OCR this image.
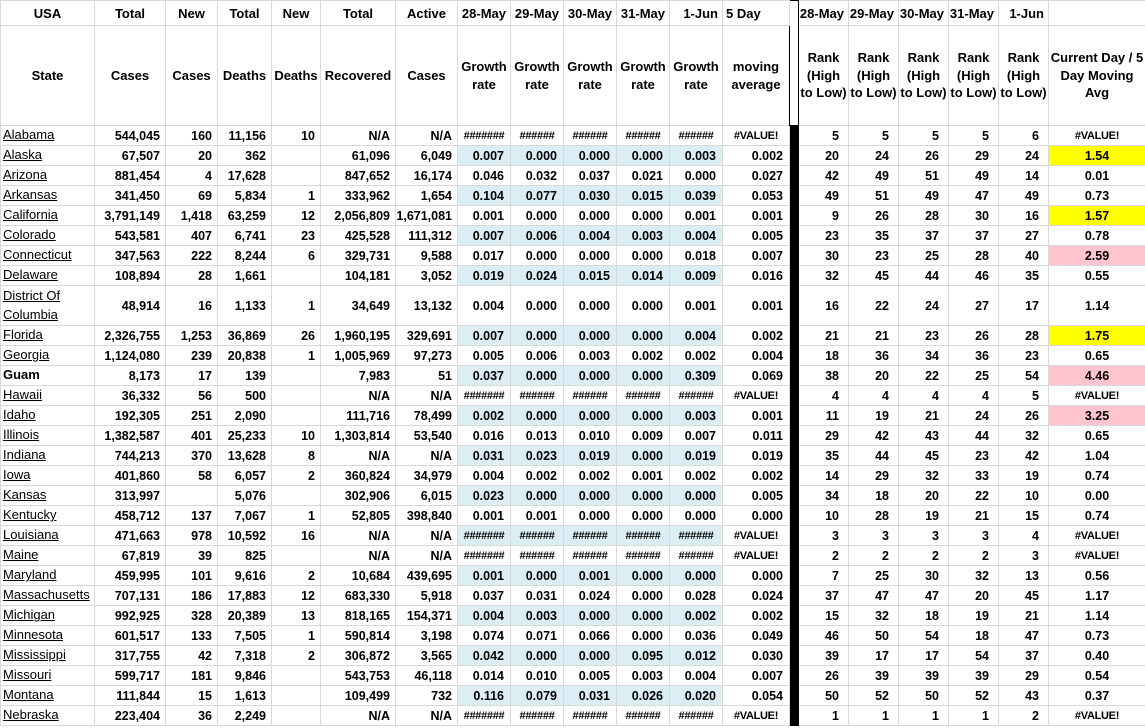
USA	Total	New	Total	New	Total	Active	28-May	29-May	30-May	31-May	1-Jun	5 Day		28-May	29-May	30-May	31-May	1-Jun	

State	Cases	Cases	Deaths	Deaths	Recovered	Cases	Growth rate	Growth rate	Growth rate	Growth rate	Growth rate	moving average		Rank (High to Low)	Rank (High to Low)	Rank (High to Low)	Rank (High to Low)	Rank (High to Low)	Current Day / 5 Day Moving Avg
Alabama	544,045	160	11,156	10	N/A	N/A	#######	######	######	######	######	#VALUE!		5	5	5	5	6	#VALUE!
Alaska	67,507	20	362		61,096	6,049	0.007	0.000	0.000	0.000	0.003	0.002		20	24	26	29	24	1.54
Arizona	881,454	4	17,628		847,652	16,174	0.046	0.032	0.037	0.021	0.000	0.027		42	49	51	49	14	0.01
Arkansas	341,450	69	5,834	1	333,962	1,654	0.104	0.077	0.030	0.015	0.039	0.053		49	51	49	47	49	0.73
California	3,791,149	1,418	63,259	12	2,056,809	1,671,081	0.001	0.000	0.000	0.000	0.001	0.001		9	26	28	30	16	1.57
Colorado	543,581	407	6,741	23	425,528	111,312	0.007	0.006	0.004	0.003	0.004	0.005		23	35	37	37	27	0.78
Connecticut	347,563	222	8,244	6	329,731	9,588	0.017	0.000	0.000	0.000	0.018	0.007		30	23	25	28	40	2.59
Delaware	108,894	28	1,661		104,181	3,052	0.019	0.024	0.015	0.014	0.009	0.016		32	45	44	46	35	0.55
District Of Columbia	48,914	16	1,133	1	34,649	13,132	0.004	0.000	0.000	0.000	0.001	0.001		16	22	24	27	17	1.14
Florida	2,326,755	1,253	36,869	26	1,960,195	329,691	0.007	0.000	0.000	0.000	0.004	0.002		21	21	23	26	28	1.75
Georgia	1,124,080	239	20,838	1	1,005,969	97,273	0.005	0.006	0.003	0.002	0.002	0.004		18	36	34	36	23	0.65
Guam	8,173	17	139		7,983	51	0.037	0.000	0.000	0.000	0.309	0.069		38	20	22	25	54	4.46
Hawaii	36,332	56	500		N/A	N/A	#######	######	######	######	######	#VALUE!		4	4	4	4	5	#VALUE!
Idaho	192,305	251	2,090		111,716	78,499	0.002	0.000	0.000	0.000	0.003	0.001		11	19	21	24	26	3.25
Illinois	1,382,587	401	25,233	10	1,303,814	53,540	0.016	0.013	0.010	0.009	0.007	0.011		29	42	43	44	32	0.65
Indiana	744,213	370	13,628	8	N/A	N/A	0.031	0.023	0.019	0.000	0.019	0.019		35	44	45	23	42	1.04
Iowa	401,860	58	6,057	2	360,824	34,979	0.004	0.002	0.002	0.001	0.002	0.002		14	29	32	33	19	0.74
Kansas	313,997		5,076		302,906	6,015	0.023	0.000	0.000	0.000	0.000	0.005		34	18	20	22	10	0.00
Kentucky	458,712	137	7,067	1	52,805	398,840	0.001	0.001	0.000	0.000	0.000	0.000		10	28	19	21	15	0.74
Louisiana	471,663	978	10,592	16	N/A	N/A	#######	######	######	######	######	#VALUE!		3	3	3	3	4	#VALUE!
Maine	67,819	39	825		N/A	N/A	#######	######	######	######	######	#VALUE!		2	2	2	2	3	#VALUE!
Maryland	459,995	101	9,616	2	10,684	439,695	0.001	0.000	0.001	0.000	0.000	0.000		7	25	30	32	13	0.56
Massachusetts	707,131	186	17,883	12	683,330	5,918	0.037	0.031	0.024	0.000	0.028	0.024		37	47	47	20	45	1.17
Michigan	992,925	328	20,389	13	818,165	154,371	0.004	0.003	0.000	0.000	0.002	0.002		15	32	18	19	21	1.14
Minnesota	601,517	133	7,505	1	590,814	3,198	0.074	0.071	0.066	0.000	0.036	0.049		46	50	54	18	47	0.73
Mississippi	317,755	42	7,318	2	306,872	3,565	0.042	0.000	0.000	0.095	0.012	0.030		39	17	17	54	37	0.40
Missouri	599,717	181	9,846		543,753	46,118	0.014	0.010	0.005	0.003	0.004	0.007		26	39	39	39	29	0.54
Montana	111,844	15	1,613		109,499	732	0.116	0.079	0.031	0.026	0.020	0.054		50	52	50	52	43	0.37
Nebraska	223,404	36	2,249		N/A	N/A	#######	######	######	######	######	#VALUE!		1	1	1	1	2	#VALUE!
